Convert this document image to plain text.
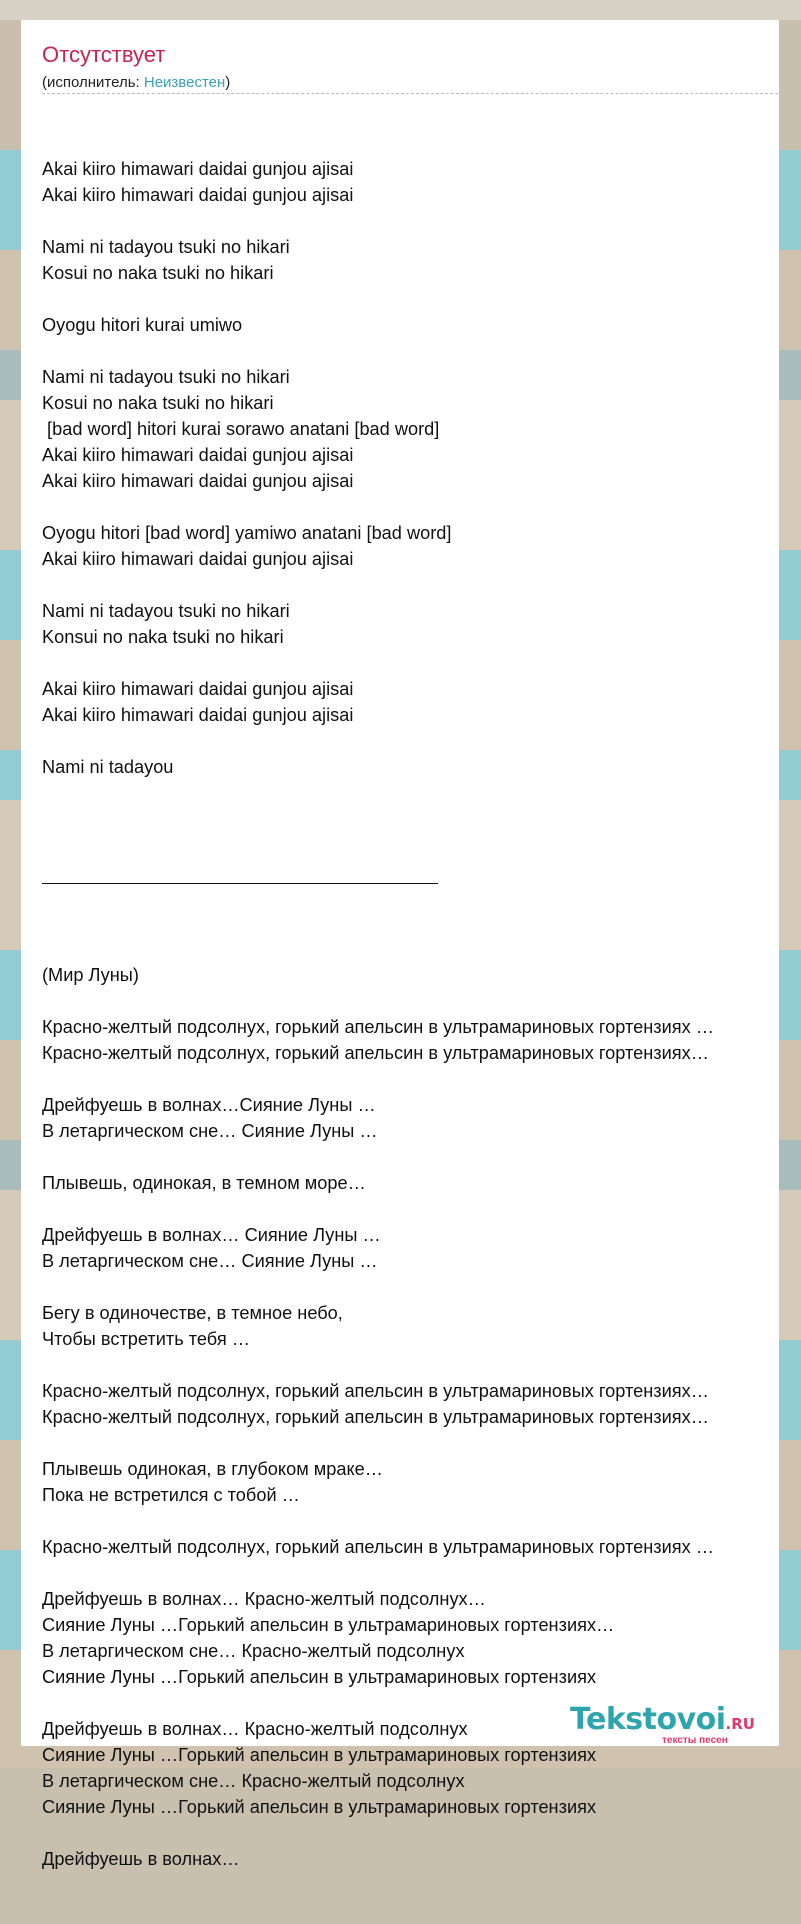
Отсутствует
(исполнитель: Неизвестен)

Akai kiiro himawari daidai gunjou ajisai
Akai kiiro himawari daidai gunjou ajisai
Nami ni tadayou tsuki no hikari
Kosui no naka tsuki no hikari
Oyogu hitori kurai umiwo
Nami ni tadayou tsuki no hikari
Kosui no naka tsuki no hikari
[bad word] hitori kurai sorawo anatani [bad word]
Akai kiiro himawari daidai gunjou ajisai
Akai kiiro himawari daidai gunjou ajisai
Oyogu hitori [bad word] yamiwo anatani [bad word]
Akai kiiro himawari daidai gunjou ajisai
Nami ni tadayou tsuki no hikari
Konsui no naka tsuki no hikari
Akai kiiro himawari daidai gunjou ajisai
Akai kiiro himawari daidai gunjou ajisai
Nami ni tadayou

(Мир Луны)
Красно-желтый подсолнух, горький апельсин в ультрамариновых гортензиях …
Красно-желтый подсолнух, горький апельсин в ультрамариновых гортензиях…
Дрейфуешь в волнах…Сияние Луны …
В летаргическом сне… Сияние Луны …
Плывешь, одинокая, в темном море…
Дрейфуешь в волнах… Сияние Луны …
В летаргическом сне… Сияние Луны …
Бегу в одиночестве, в темное небо,
Чтобы встретить тебя …
Красно-желтый подсолнух, горький апельсин в ультрамариновых гортензиях…
Красно-желтый подсолнух, горький апельсин в ультрамариновых гортензиях…
Плывешь одинокая, в глубоком мраке…
Пока не встретился с тобой …
Красно-желтый подсолнух, горький апельсин в ультрамариновых гортензиях …
Дрейфуешь в волнах… Красно-желтый подсолнух…
Сияние Луны …Горький апельсин в ультрамариновых гортензиях…
В летаргическом сне… Красно-желтый подсолнух
Сияние Луны …Горький апельсин в ультрамариновых гортензиях
Дрейфуешь в волнах… Красно-желтый подсолнух
Сияние Луны …Горький апельсин в ультрамариновых гортензиях
В летаргическом сне… Красно-желтый подсолнух
Сияние Луны …Горький апельсин в ультрамариновых гортензиях
Дрейфуешь в волнах…

Tekstovoi.RU
тексты песен
